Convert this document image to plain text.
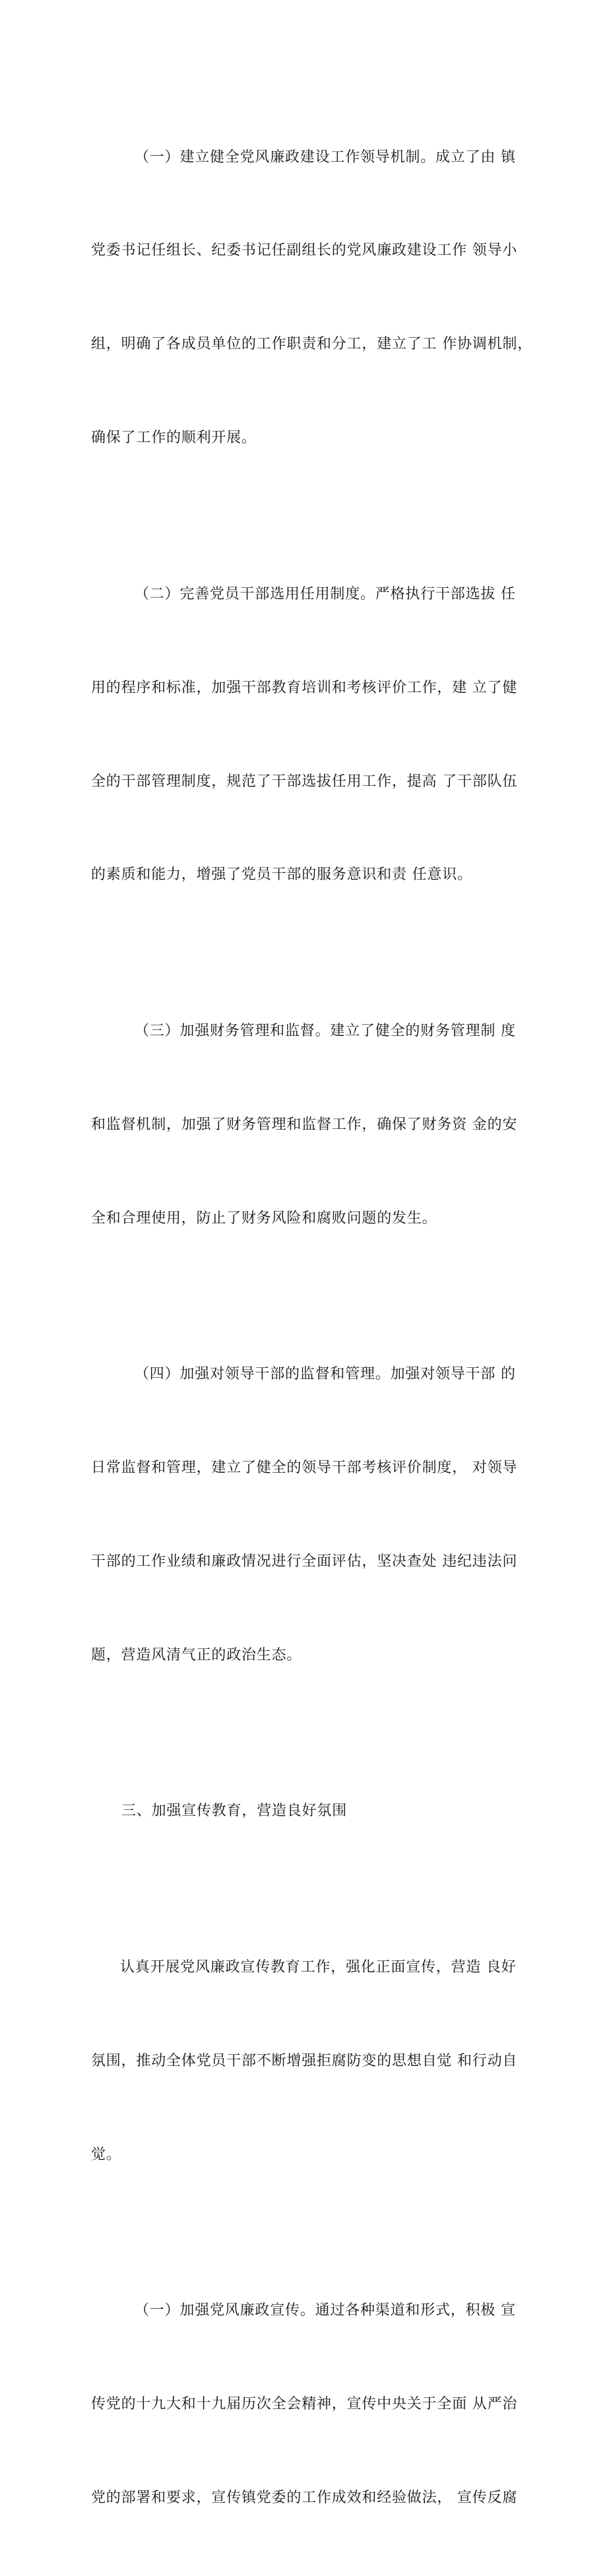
（一）建立健全党风廉政建设工作领导机制。成立了由 镇

党委书记任组长、纪委书记任副组长的党风廉政建设工作 领导小

组，明确了各成员单位的工作职责和分工，建立了工 作协调机制，

确保了工作的顺利开展。

（二）完善党员干部选用任用制度。严格执行干部选拔 任

用的程序和标准，加强干部教育培训和考核评价工作，建 立了健

全的干部管理制度，规范了干部选拔任用工作，提高 了干部队伍

的素质和能力，增强了党员干部的服务意识和责 任意识。

（三）加强财务管理和监督。建立了健全的财务管理制 度

和监督机制，加强了财务管理和监督工作，确保了财务资 金的安

全和合理使用，防止了财务风险和腐败问题的发生。

（四）加强对领导干部的监督和管理。加强对领导干部 的

日常监督和管理，建立了健全的领导干部考核评价制度， 对领导

干部的工作业绩和廉政情况进行全面评估，坚决查处 违纪违法问

题，营造风清气正的政治生态。

三、加强宣传教育，营造良好氛围

认真开展党风廉政宣传教育工作，强化正面宣传，营造 良好

氛围，推动全体党员干部不断增强拒腐防变的思想自觉 和行动自

觉。

（一）加强党风廉政宣传。通过各种渠道和形式，积极 宣

传党的十九大和十九届历次全会精神，宣传中央关于全面 从严治

党的部署和要求，宣传镇党委的工作成效和经验做法， 宣传反腐
